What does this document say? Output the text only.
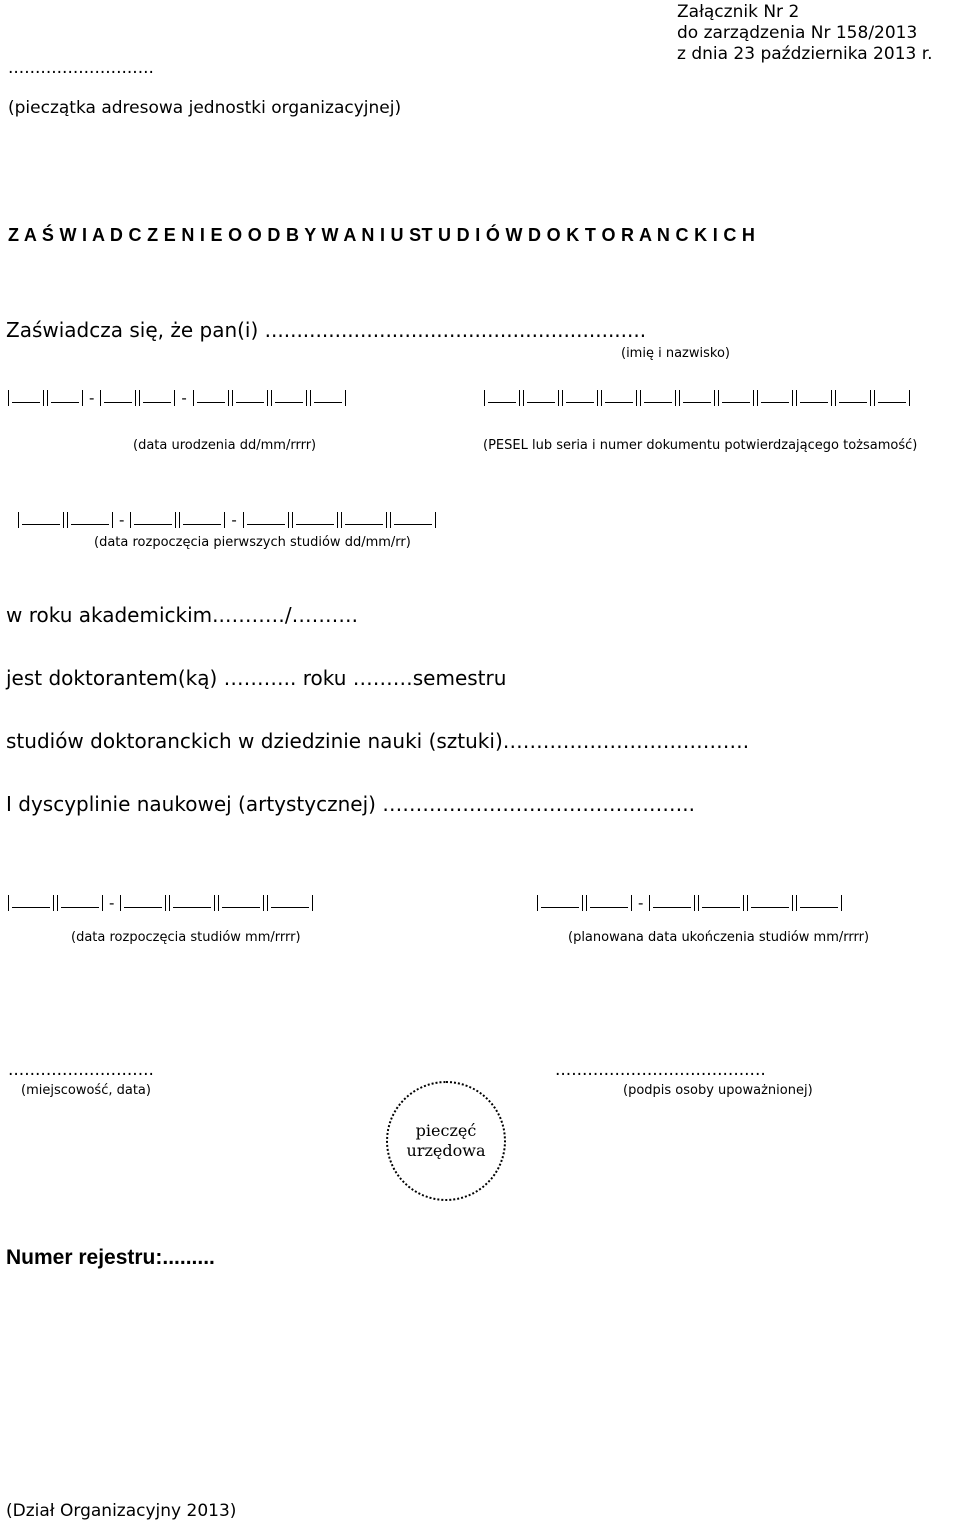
Załącznik Nr 2
do zarządzenia Nr 158/2013
z dnia 23 października 2013 r.
...........................
(pieczątka adresowa jednostki organizacyjnej)
Z A Ś W I A D C Z E N I E O O D B Y W A N I U ST U D I Ó W D O K T O R A N C K I C H
Zaświadcza się, że pan(i) ............................................................
(imię i nazwisko)
-	-
(data urodzenia dd/mm/rrrr)	(PESEL lub seria i numer dokumentu potwierdzającego tożsamość)
-	-
(data rozpoczęcia pierwszych studiów dd/mm/rr)
w roku akademickim..………/……….
jest doktorantem(ką) ……….. roku ………semestru
studiów doktoranckich w dziedzinie nauki (sztuki)……………………………….
I dyscyplinie naukowej (artystycznej) ………………………………………..
-
(data rozpoczęcia studiów mm/rrrr)
-
(planowana data ukończenia studiów mm/rrrr)
...........................
(miejscowość, data)
.......................................
(podpis osoby upoważnionej)
pieczęć
urzędowa
Numer rejestru:.........
(Dział Organizacyjny 2013)
